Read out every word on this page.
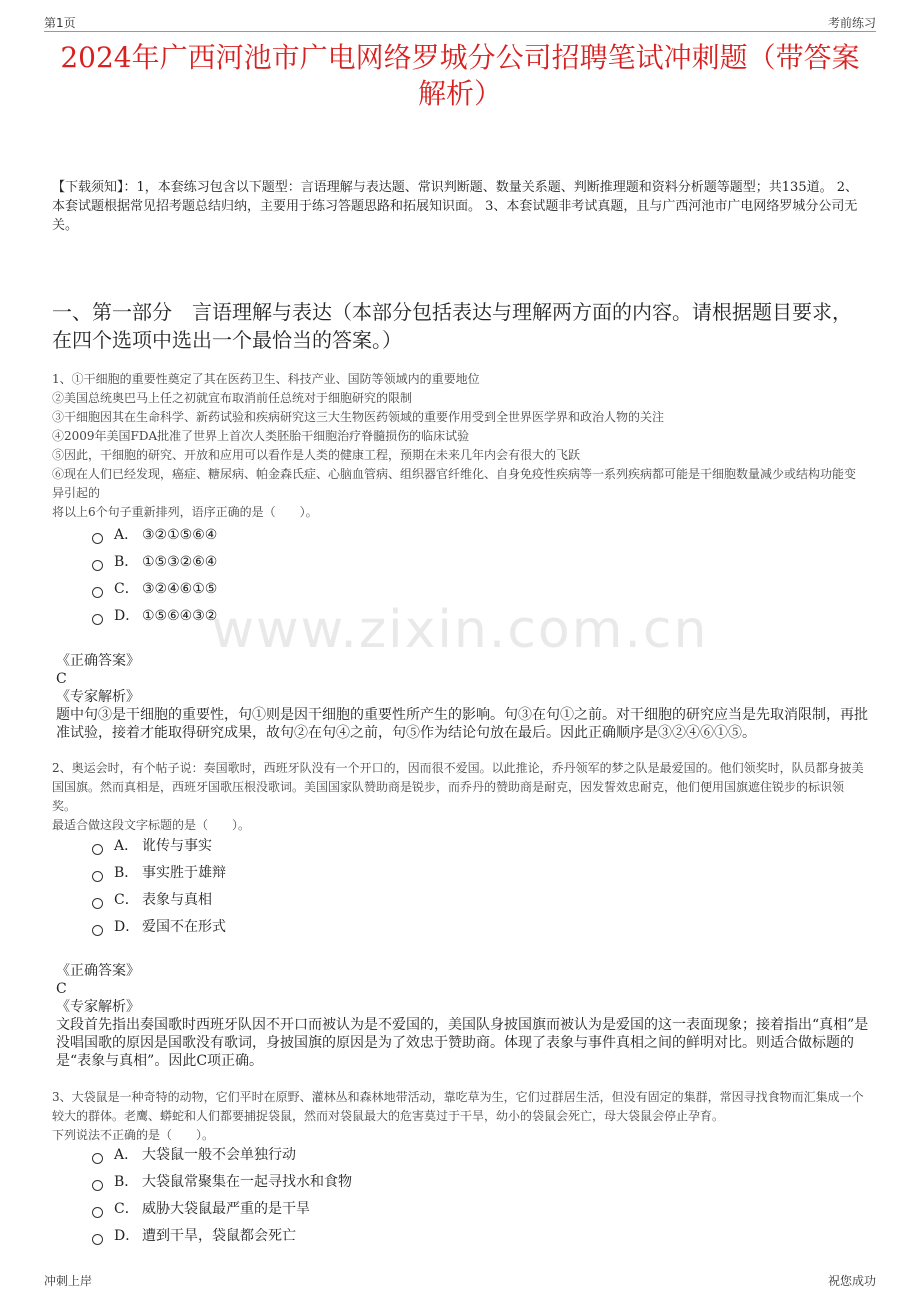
第1页	考前练习
2024年广西河池市广电网络罗城分公司招聘笔试冲刺题（带答案解析）
【下载须知】：1，本套练习包含以下题型：言语理解与表达题、常识判断题、数量关系题、判断推理题和资料分析题等题型；共135道。 2、本套试题根据常见招考题总结归纳，主要用于练习答题思路和拓展知识面。 3、本套试题非考试真题，且与广西河池市广电网络罗城分公司无关。
一、第一部分　言语理解与表达（本部分包括表达与理解两方面的内容。请根据题目要求，在四个选项中选出一个最恰当的答案。）
www.zixin.com.cn

1、①干细胞的重要性奠定了其在医药卫生、科技产业、国防等领域内的重要地位

②美国总统奥巴马上任之初就宣布取消前任总统对于细胞研究的限制

③干细胞因其在生命科学、新药试验和疾病研究这三大生物医药领域的重要作用受到全世界医学界和政治人物的关注

④2009年美国FDA批准了世界上首次人类胚胎干细胞治疗脊髓损伤的临床试验

⑤因此，干细胞的研究、开放和应用可以看作是人类的健康工程，预期在未来几年内会有很大的飞跃

⑥现在人们已经发现，癌症、糖尿病、帕金森氏症、心脑血管病、组织器官纤维化、自身免疫性疾病等一系列疾病都可能是干细胞数量减少或结构功能变异引起的

将以上6个句子重新排列，语序正确的是（　　）。

A． ③②①⑤⑥④
B． ①⑤③②⑥④
C． ③②④⑥①⑤
D． ①⑤⑥④③②

《正确答案》

C

《专家解析》

题中句③是干细胞的重要性，句①则是因干细胞的重要性所产生的影响。句③在句①之前。对干细胞的研究应当是先取消限制，再批准试验，接着才能取得研究成果，故句②在句④之前，句⑤作为结论句放在最后。因此正确顺序是③②④⑥①⑤。

2、奥运会时，有个帖子说：奏国歌时，西班牙队没有一个开口的，因而很不爱国。以此推论，乔丹领军的梦之队是最爱国的。他们领奖时，队员都身披美国国旗。然而真相是，西班牙国歌压根没歌词。美国国家队赞助商是锐步，而乔丹的赞助商是耐克，因发誓效忠耐克，他们便用国旗遮住锐步的标识领奖。

最适合做这段文字标题的是（　　）。

A． 讹传与事实
B． 事实胜于雄辩
C． 表象与真相
D． 爱国不在形式

《正确答案》

C

《专家解析》

文段首先指出奏国歌时西班牙队因不开口而被认为是不爱国的，美国队身披国旗而被认为是爱国的这一表面现象；接着指出“真相”是没唱国歌的原因是国歌没有歌词，身披国旗的原因是为了效忠于赞助商。体现了表象与事件真相之间的鲜明对比。则适合做标题的是“表象与真相”。因此C项正确。

3、大袋鼠是一种奇特的动物，它们平时在原野、灌林丛和森林地带活动，靠吃草为生，它们过群居生活，但没有固定的集群，常因寻找食物而汇集成一个较大的群体。老鹰、蟒蛇和人们都要捕捉袋鼠，然而对袋鼠最大的危害莫过于干旱，幼小的袋鼠会死亡，母大袋鼠会停止孕育。

下列说法不正确的是（　　）。

A． 大袋鼠一般不会单独行动
B． 大袋鼠常聚集在一起寻找水和食物
C． 威胁大袋鼠最严重的是干旱
D． 遭到干旱，袋鼠都会死亡
冲刺上岸	祝您成功
